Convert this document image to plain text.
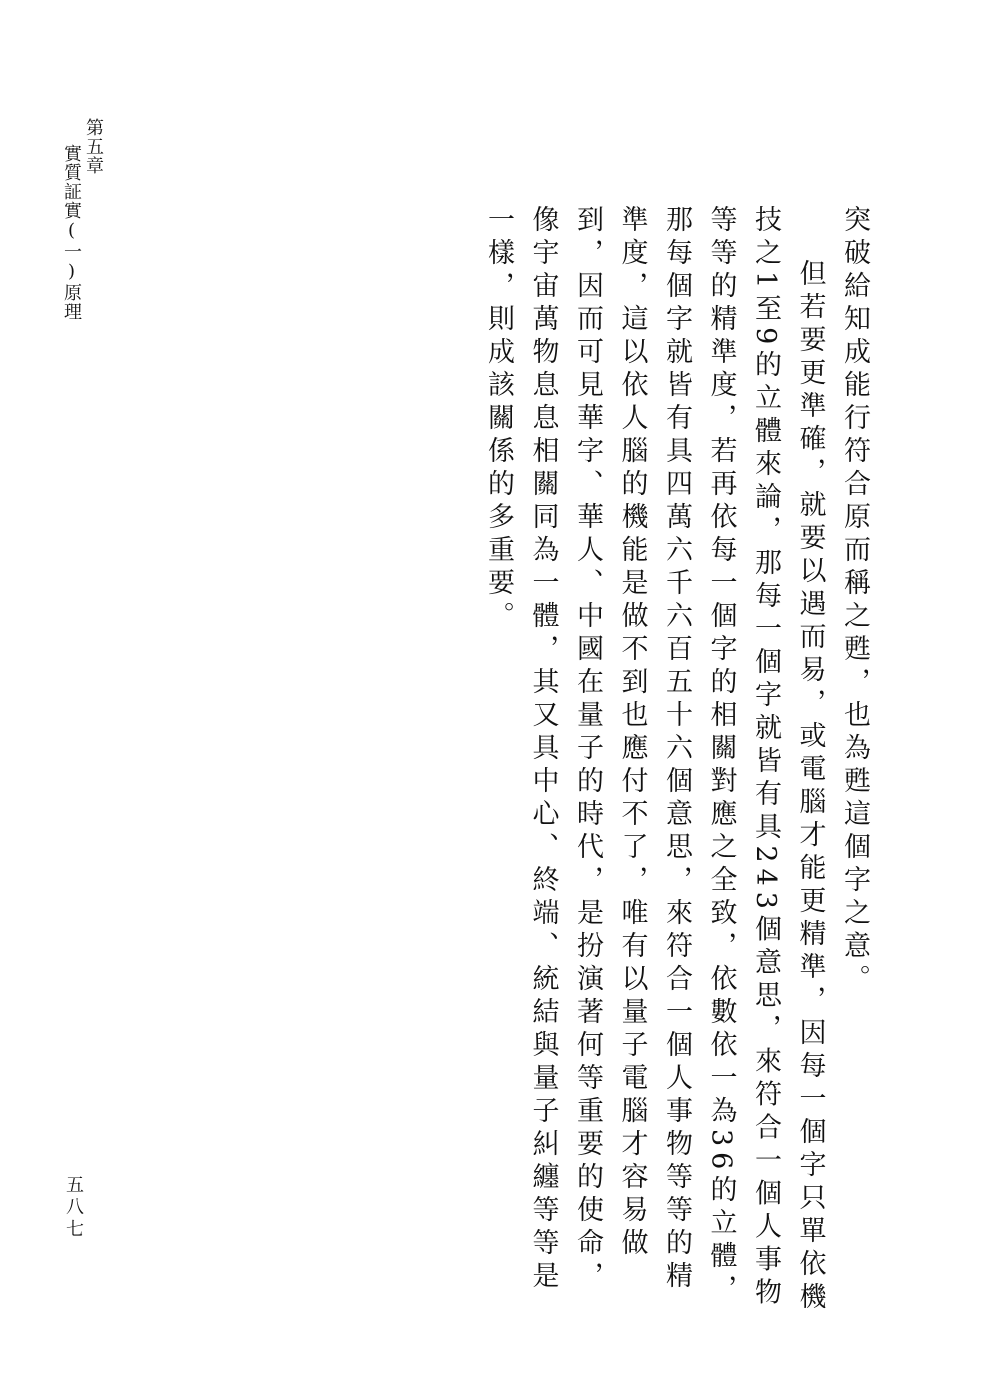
第五章
實質証實(一)原理
五八七

突破給知成能行符合原而稱之甦，也為甦這個字之意。

但若要更準確，就要以遇而易，或電腦才能更精準，因每一個字只單依機技之1至9的立體來論，那每一個字就皆有具243個意思，來符合一個人事物等等的精準度，若再依每一個字的相關對應之全致，依數依一為36的立體，那每個字就皆有具四萬六千六百五十六個意思，來符合一個人事物等等的精準度，這以依人腦的機能是做不到也應付不了，唯有以量子電腦才容易做到，因而可見華字、華人、中國在量子的時代，是扮演著何等重要的使命，像宇宙萬物息息相關同為一體，其又具中心、終端、統結與量子糾纏等等是一樣，則成該關係的多重要。
